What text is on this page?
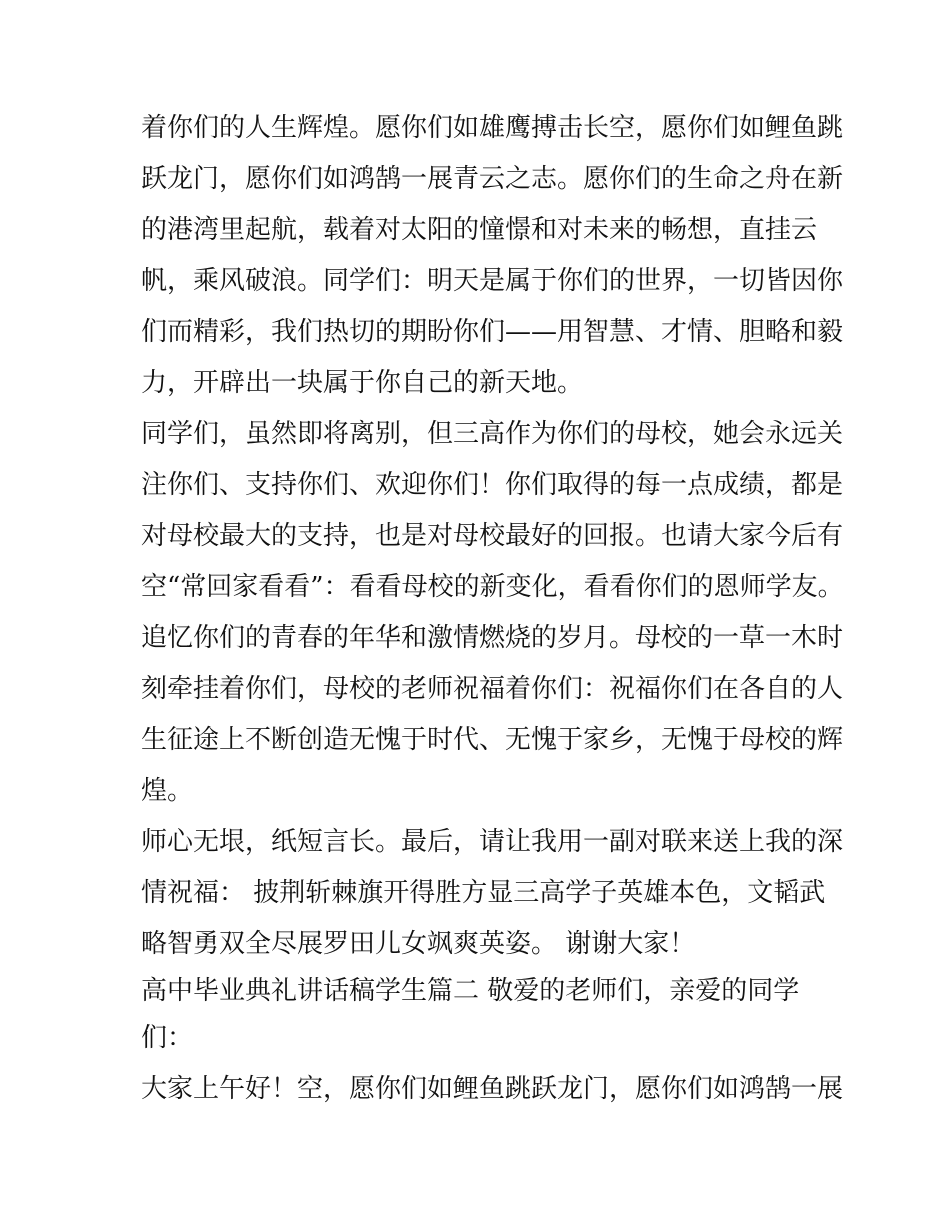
着你们的人生辉煌。愿你们如雄鹰搏击长空，愿你们如鲤鱼跳
跃龙门，愿你们如鸿鹄一展青云之志。愿你们的生命之舟在新
的港湾里起航，载着对太阳的憧憬和对未来的畅想，直挂云
帆，乘风破浪。同学们：明天是属于你们的世界，一切皆因你
们而精彩，我们热切的期盼你们——用智慧、才情、胆略和毅
力，开辟出一块属于你自己的新天地。
同学们，虽然即将离别，但三高作为你们的母校，她会永远关
注你们、支持你们、欢迎你们！你们取得的每一点成绩，都是
对母校最大的支持，也是对母校最好的回报。也请大家今后有
空“常回家看看”：看看母校的新变化，看看你们的恩师学友。
追忆你们的青春的年华和激情燃烧的岁月。母校的一草一木时
刻牵挂着你们，母校的老师祝福着你们：祝福你们在各自的人
生征途上不断创造无愧于时代、无愧于家乡，无愧于母校的辉
煌。
师心无垠，纸短言长。最后，请让我用一副对联来送上我的深
情祝福： 披荆斩棘旗开得胜方显三高学子英雄本色，文韬武
略智勇双全尽展罗田儿女飒爽英姿。 谢谢大家！
高中毕业典礼讲话稿学生篇二 敬爱的老师们，亲爱的同学
们：
大家上午好！空，愿你们如鲤鱼跳跃龙门，愿你们如鸿鹄一展
